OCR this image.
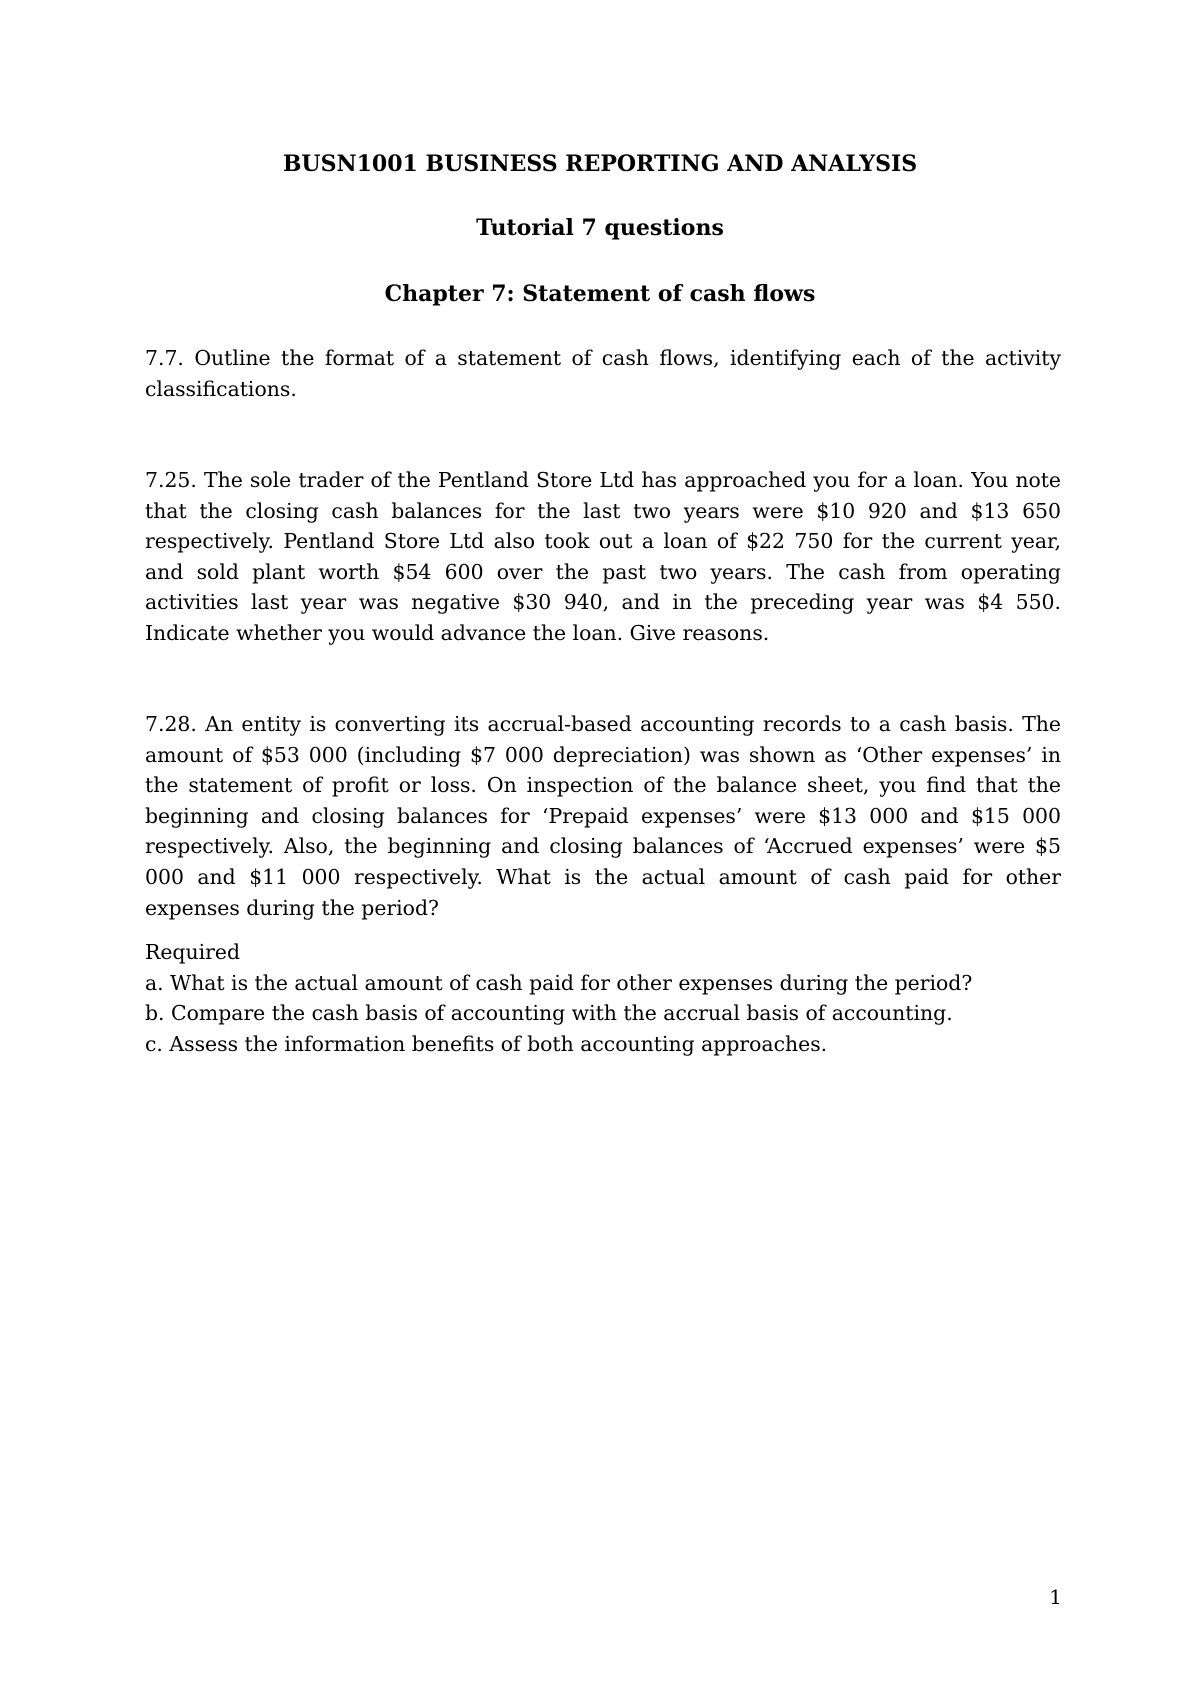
BUSN1001 BUSINESS REPORTING AND ANALYSIS

Tutorial 7 questions

Chapter 7: Statement of cash flows

7.7. Outline the format of a statement of cash flows, identifying each of the activity classifications.

7.25. The sole trader of the Pentland Store Ltd has approached you for a loan. You note that the closing cash balances for the last two years were $10 920 and $13 650 respectively. Pentland Store Ltd also took out a loan of $22 750 for the current year, and sold plant worth $54 600 over the past two years. The cash from operating activities last year was negative $30 940, and in the preceding year was $4 550. Indicate whether you would advance the loan. Give reasons.

7.28. An entity is converting its accrual-based accounting records to a cash basis. The amount of $53 000 (including $7 000 depreciation) was shown as ‘Other expenses’ in the statement of profit or loss. On inspection of the balance sheet, you find that the beginning and closing balances for ‘Prepaid expenses’ were $13 000 and $15 000 respectively. Also, the beginning and closing balances of ‘Accrued expenses’ were $5 000 and $11 000 respectively. What is the actual amount of cash paid for other expenses during the period?

Required

a. What is the actual amount of cash paid for other expenses during the period?

b. Compare the cash basis of accounting with the accrual basis of accounting.

c. Assess the information benefits of both accounting approaches.

1
